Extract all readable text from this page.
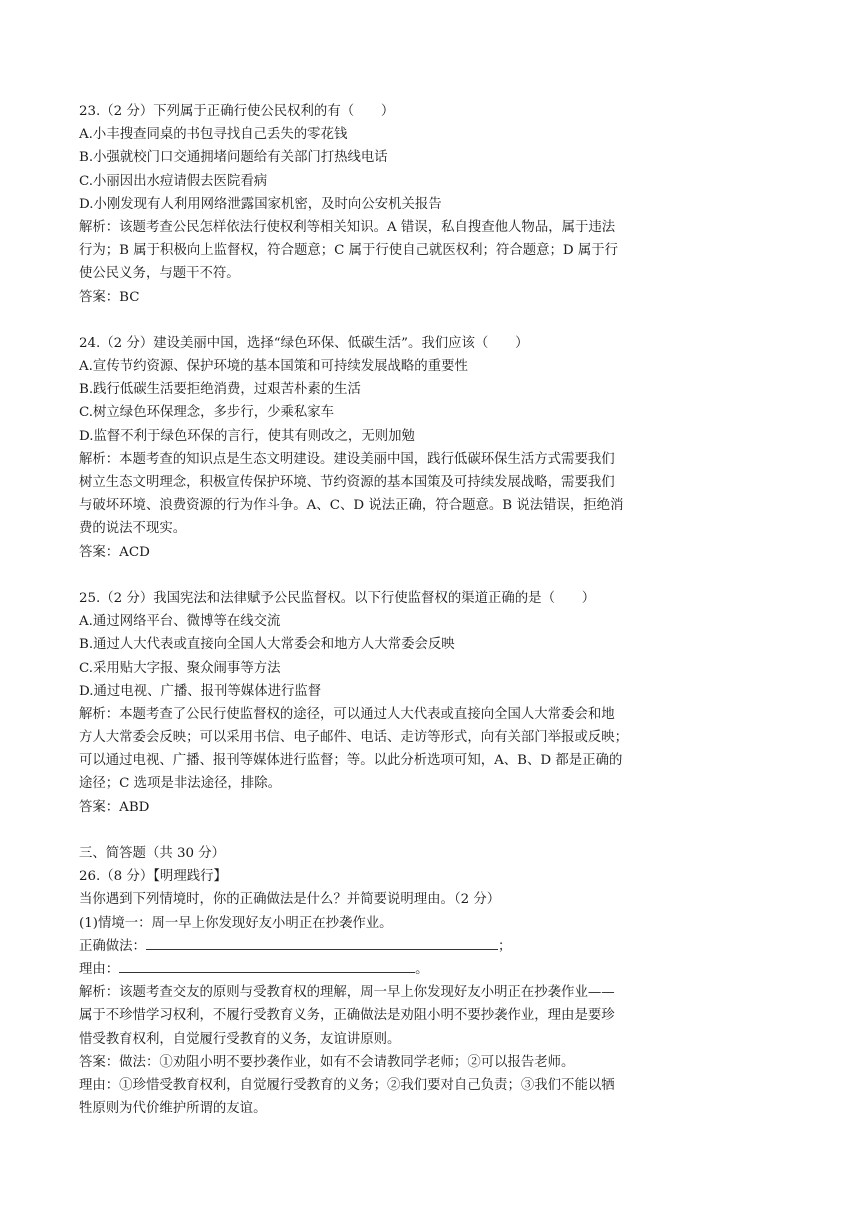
23.（2 分）下列属于正确行使公民权利的有（　　）

A.小丰搜查同桌的书包寻找自己丢失的零花钱

B.小强就校门口交通拥堵问题给有关部门打热线电话

C.小丽因出水痘请假去医院看病

D.小刚发现有人利用网络泄露国家机密，及时向公安机关报告

解析：该题考查公民怎样依法行使权利等相关知识。A 错误，私自搜查他人物品，属于违法

行为；B 属于积极向上监督权，符合题意；C 属于行使自己就医权利；符合题意；D 属于行

使公民义务，与题干不符。

答案：BC

24.（2 分）建设美丽中国，选择“绿色环保、低碳生活”。我们应该（　　）

A.宣传节约资源、保护环境的基本国策和可持续发展战略的重要性

B.践行低碳生活要拒绝消费，过艰苦朴素的生活

C.树立绿色环保理念，多步行，少乘私家车

D.监督不利于绿色环保的言行，使其有则改之，无则加勉

解析：本题考查的知识点是生态文明建设。建设美丽中国，践行低碳环保生活方式需要我们

树立生态文明理念，积极宣传保护环境、节约资源的基本国策及可持续发展战略，需要我们

与破坏环境、浪费资源的行为作斗争。A、C、D 说法正确，符合题意。B 说法错误，拒绝消

费的说法不现实。

答案：ACD

25.（2 分）我国宪法和法律赋予公民监督权。以下行使监督权的渠道正确的是（　　）

A.通过网络平台、微博等在线交流

B.通过人大代表或直接向全国人大常委会和地方人大常委会反映

C.采用贴大字报、聚众闹事等方法

D.通过电视、广播、报刊等媒体进行监督

解析：本题考查了公民行使监督权的途径，可以通过人大代表或直接向全国人大常委会和地

方人大常委会反映；可以采用书信、电子邮件、电话、走访等形式，向有关部门举报或反映；

可以通过电视、广播、报刊等媒体进行监督；等。以此分析选项可知，A、B、D 都是正确的

途径；C 选项是非法途径，排除。

答案：ABD

三、简答题（共 30 分）

26.（8 分）【明理践行】

当你遇到下列情境时，你的正确做法是什么？并简要说明理由。（2 分）

(1)情境一：周一早上你发现好友小明正在抄袭作业。

正确做法：	；

理由：	。

解析：该题考查交友的原则与受教育权的理解，周一早上你发现好友小明正在抄袭作业——

属于不珍惜学习权利，不履行受教育义务，正确做法是劝阻小明不要抄袭作业，理由是要珍

惜受教育权利，自觉履行受教育的义务，友谊讲原则。

答案：做法：①劝阻小明不要抄袭作业，如有不会请教同学老师；②可以报告老师。

理由：①珍惜受教育权利，自觉履行受教育的义务；②我们要对自己负责；③我们不能以牺

牲原则为代价维护所谓的友谊。
